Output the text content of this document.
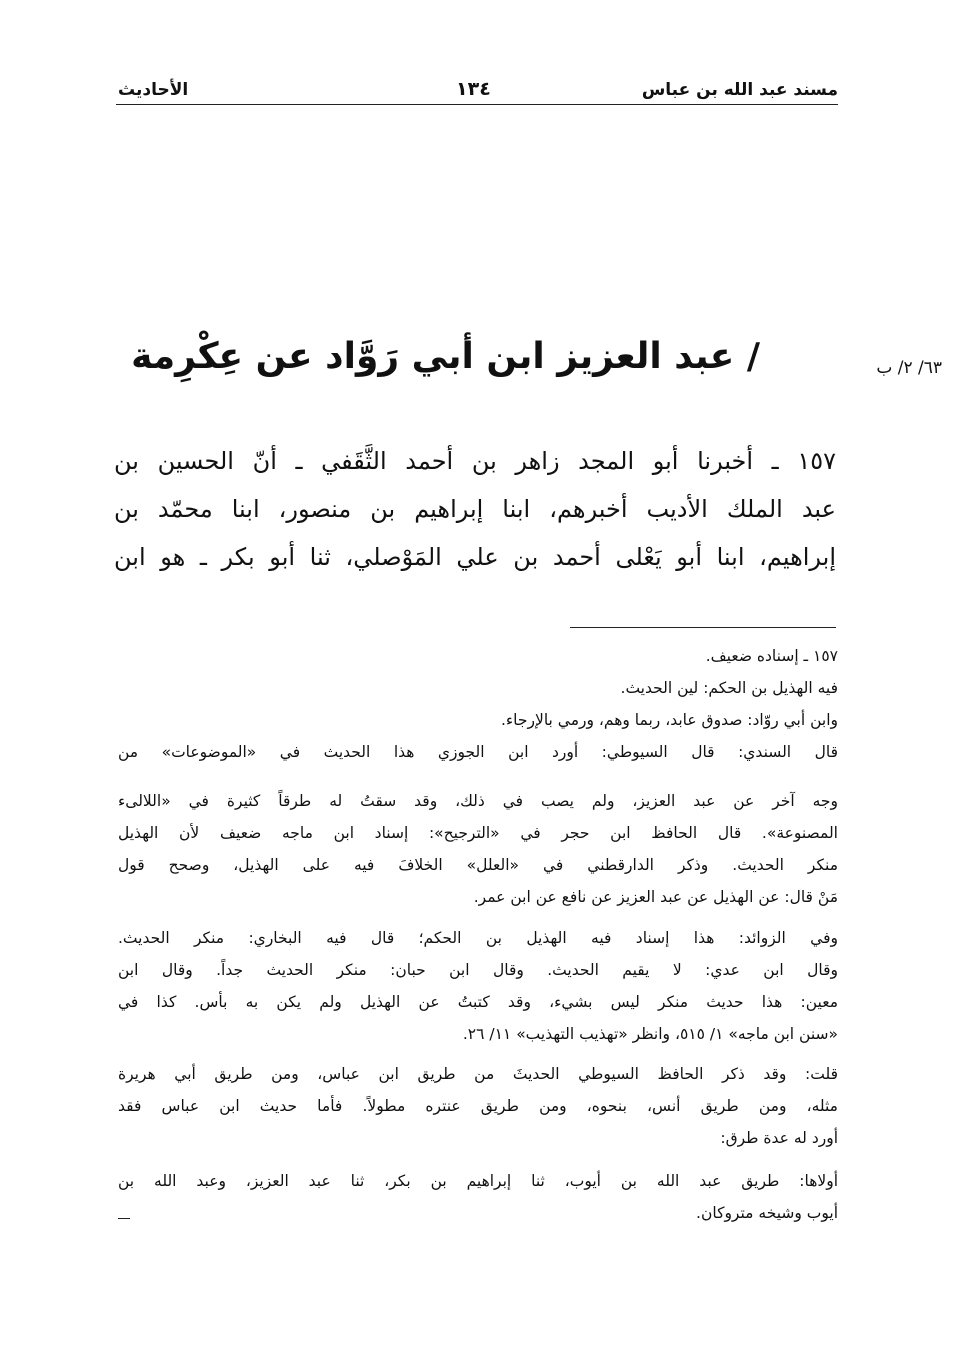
الأحاديث	١٣٤	مسند عبد الله بن عباس
/ عبد العزيز ابن أبي رَوَّاد عن عِكْرِمة	٦٣/ ٢/ ب
١٥٧ ـ أخبرنا أبو المجد زاهر بن أحمد الثَّقَفي ـ أنّ الحسين بن
عبد الملك الأديب أخبرهم، ابنا إبراهيم بن منصور، ابنا محمّد بن
إبراهيم، ابنا أبو يَعْلى أحمد بن علي المَوْصلي، ثنا أبو بكر ـ هو ابن
١٥٧ ـ إسناده ضعيف.
فيه الهذيل بن الحكم: لين الحديث.
وابن أبي روّاد: صدوق عابد، ربما وهم، ورمي بالإرجاء.
قال السندي: قال السيوطي: أورد ابن الجوزي هذا الحديث في «الموضوعات» من
وجه آخر عن عبد العزيز، ولم يصب في ذلك، وقد سقتُ له طرقاً كثيرة في «اللالىء
المصنوعة». قال الحافظ ابن حجر في «الترجيح»: إسناد ابن ماجه ضعيف لأن الهذيل
منكر الحديث. وذكر الدارقطني في «العلل» الخلافَ فيه على الهذيل، وصحح قول
مَنْ قال: عن الهذيل عن عبد العزيز عن نافع عن ابن عمر.
وفي الزوائد: هذا إسناد فيه الهذيل بن الحكم؛ قال فيه البخاري: منكر الحديث.
وقال ابن عدي: لا يقيم الحديث. وقال ابن حبان: منكر الحديث جداً. وقال ابن
معين: هذا حديث منكر ليس بشيء، وقد كتبتُ عن الهذيل ولم يكن به بأس. كذا في
«سنن ابن ماجه» ١/ ٥١٥، وانظر «تهذيب التهذيب» ١١/ ٢٦.
قلت: وقد ذكر الحافظ السيوطي الحديثَ من طريق ابن عباس، ومن طريق أبي هريرة
مثله، ومن طريق أنس، بنحوه، ومن طريق عنتره مطولاً. فأما حديث ابن عباس فقد
أورد له عدة طرق:
أولاها: طريق عبد الله بن أيوب، ثنا إبراهيم بن بكر، ثنا عبد العزيز، وعبد الله بن
أيوب وشيخه متروكان.
